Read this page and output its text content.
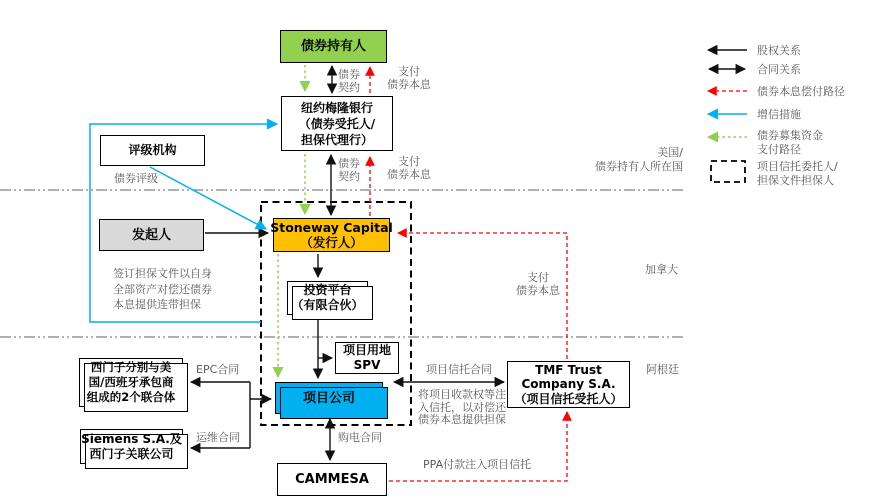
债券持有人
纽约梅隆银行
（债券受托人/
担保代理行）
评级机构
发起人	Stoneway Capital
（发行人）
投资平台
（有限合伙）
项目用地
SPV
项目公司
CAMMESA
西门子分别与美
国/西班牙承包商
组成的2个联合体
Siemens S.A.及
西门子关联公司
TMF Trust
Company S.A.
（项目信托受托人）
债券
契约
支付
债券本息
债券
契约
支付
债券本息
支付
债券本息
债券评级
签订担保文件以自身
全部资产对偿还债券
本息提供连带担保
EPC合同
运维合同	购电合同
项目信托合同
将项目收款权等注
入信托，以对偿还
债券本息提供担保
PPA付款注入项目信托
美国/
债券持有人所在国
加拿大
阿根廷
股权关系
合同关系
债券本息偿付路径
增信措施
债券募集资金
支付路径
项目信托委托人/
担保文件担保人
